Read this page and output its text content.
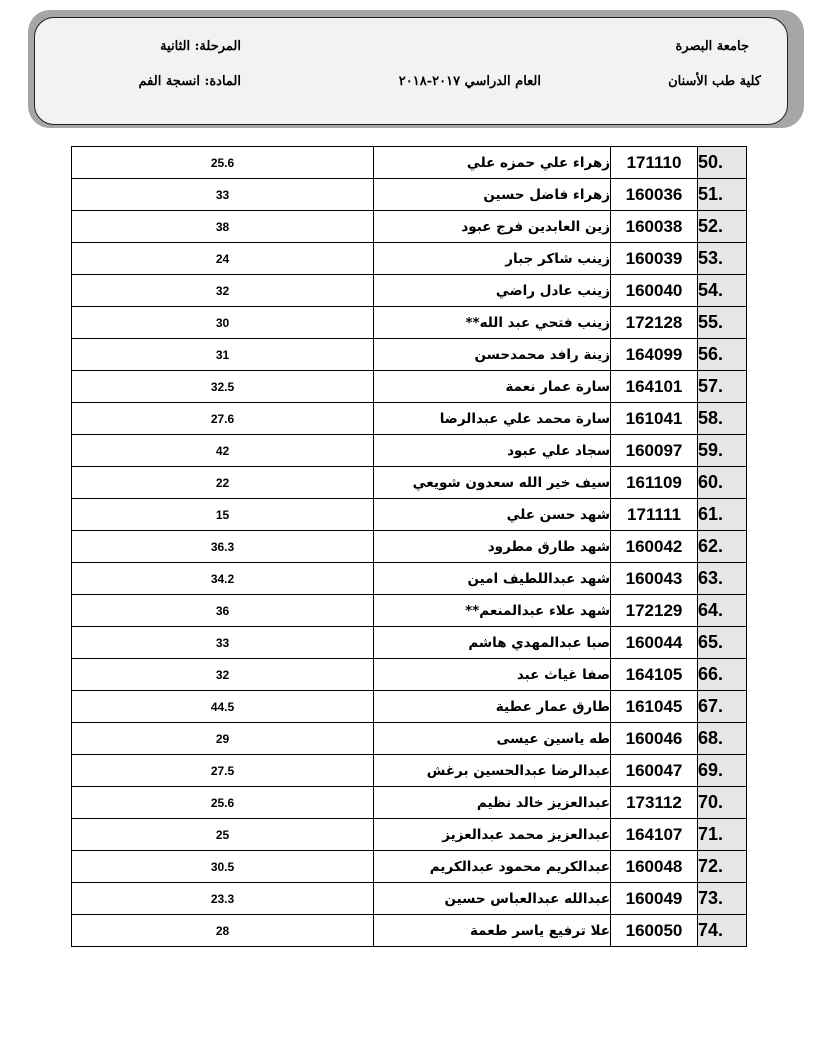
جامعة البصرة
كلية طب الأسنان
المرحلة: الثانية
المادة: انسجة الفم	العام الدراسي ٢٠١٧-٢٠١٨
50.	171110	زهراء علي حمزه علي	25.6
51.	160036	زهراء فاضل حسين	33
52.	160038	زين العابدين فرج عبود	38
53.	160039	زينب شاكر جبار	24
54.	160040	زينب عادل راضي	32
55.	172128	زينب فتحي عبد الله**	30
56.	164099	زينة رافد محمدحسن	31
57.	164101	سارة عمار نعمة	32.5
58.	161041	سارة محمد علي عبدالرضا	27.6
59.	160097	سجاد علي عبود	42
60.	161109	سيف خير الله سعدون شويعي	22
61.	171111	شهد حسن علي	15
62.	160042	شهد طارق مطرود	36.3
63.	160043	شهد عبداللطيف امين	34.2
64.	172129	شهد علاء عبدالمنعم**	36
65.	160044	صبا عبدالمهدي هاشم	33
66.	164105	صفا غياث عبد	32
67.	161045	طارق عمار عطية	44.5
68.	160046	طه ياسين عيسى	29
69.	160047	عبدالرضا عبدالحسين برغش	27.5
70.	173112	عبدالعزيز خالد نظيم	25.6
71.	164107	عبدالعزيز محمد عبدالعزيز	25
72.	160048	عبدالكريم محمود عبدالكريم	30.5
73.	160049	عبدالله عبدالعباس حسين	23.3
74.	160050	علا ترفيع ياسر طعمة	28
